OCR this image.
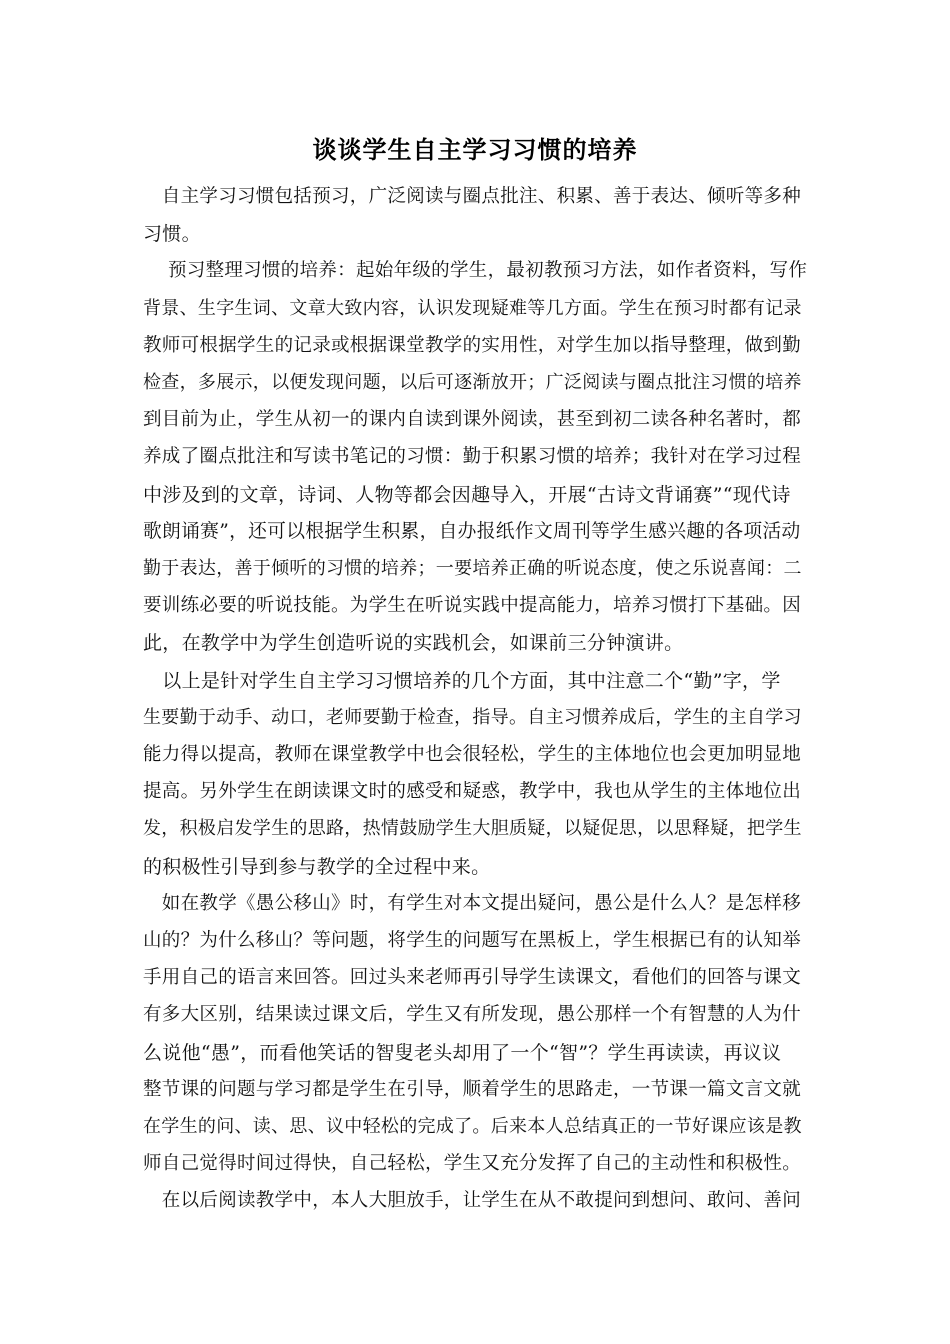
谈谈学生自主学习习惯的培养
　自主学习习惯包括预习，广泛阅读与圈点批注、积累、善于表达、倾听等多种
习惯。
　 预习整理习惯的培养：起始年级的学生，最初教预习方法，如作者资料，写作
背景、生字生词、文章大致内容，认识发现疑难等几方面。学生在预习时都有记录
教师可根据学生的记录或根据课堂教学的实用性，对学生加以指导整理，做到勤
检查，多展示，以便发现问题，以后可逐渐放开；广泛阅读与圈点批注习惯的培养
到目前为止，学生从初一的课内自读到课外阅读，甚至到初二读各种名著时，都
养成了圈点批注和写读书笔记的习惯：勤于积累习惯的培养；我针对在学习过程
中涉及到的文章，诗词、人物等都会因趣导入，开展“古诗文背诵赛”“现代诗
歌朗诵赛”，还可以根据学生积累，自办报纸作文周刊等学生感兴趣的各项活动
勤于表达，善于倾听的习惯的培养；一要培养正确的听说态度，使之乐说喜闻：二
要训练必要的听说技能。为学生在听说实践中提高能力，培养习惯打下基础。因
此，在教学中为学生创造听说的实践机会，如课前三分钟演讲。
　以上是针对学生自主学习习惯培养的几个方面，其中注意二个“勤”字，学
生要勤于动手、动口，老师要勤于检查，指导。自主习惯养成后，学生的主自学习
能力得以提高，教师在课堂教学中也会很轻松，学生的主体地位也会更加明显地
提高。另外学生在朗读课文时的感受和疑惑，教学中，我也从学生的主体地位出
发，积极启发学生的思路，热情鼓励学生大胆质疑，以疑促思，以思释疑，把学生
的积极性引导到参与教学的全过程中来。
　如在教学《愚公移山》时，有学生对本文提出疑问，愚公是什么人？是怎样移
山的？为什么移山？等问题，将学生的问题写在黑板上，学生根据已有的认知举
手用自己的语言来回答。回过头来老师再引导学生读课文，看他们的回答与课文
有多大区别，结果读过课文后，学生又有所发现，愚公那样一个有智慧的人为什
么说他“愚”，而看他笑话的智叟老头却用了一个“智”？学生再读读，再议议
整节课的问题与学习都是学生在引导，顺着学生的思路走，一节课一篇文言文就
在学生的问、读、思、议中轻松的完成了。后来本人总结真正的一节好课应该是教
师自己觉得时间过得快，自己轻松，学生又充分发挥了自己的主动性和积极性。
　在以后阅读教学中，本人大胆放手，让学生在从不敢提问到想问、敢问、善问
